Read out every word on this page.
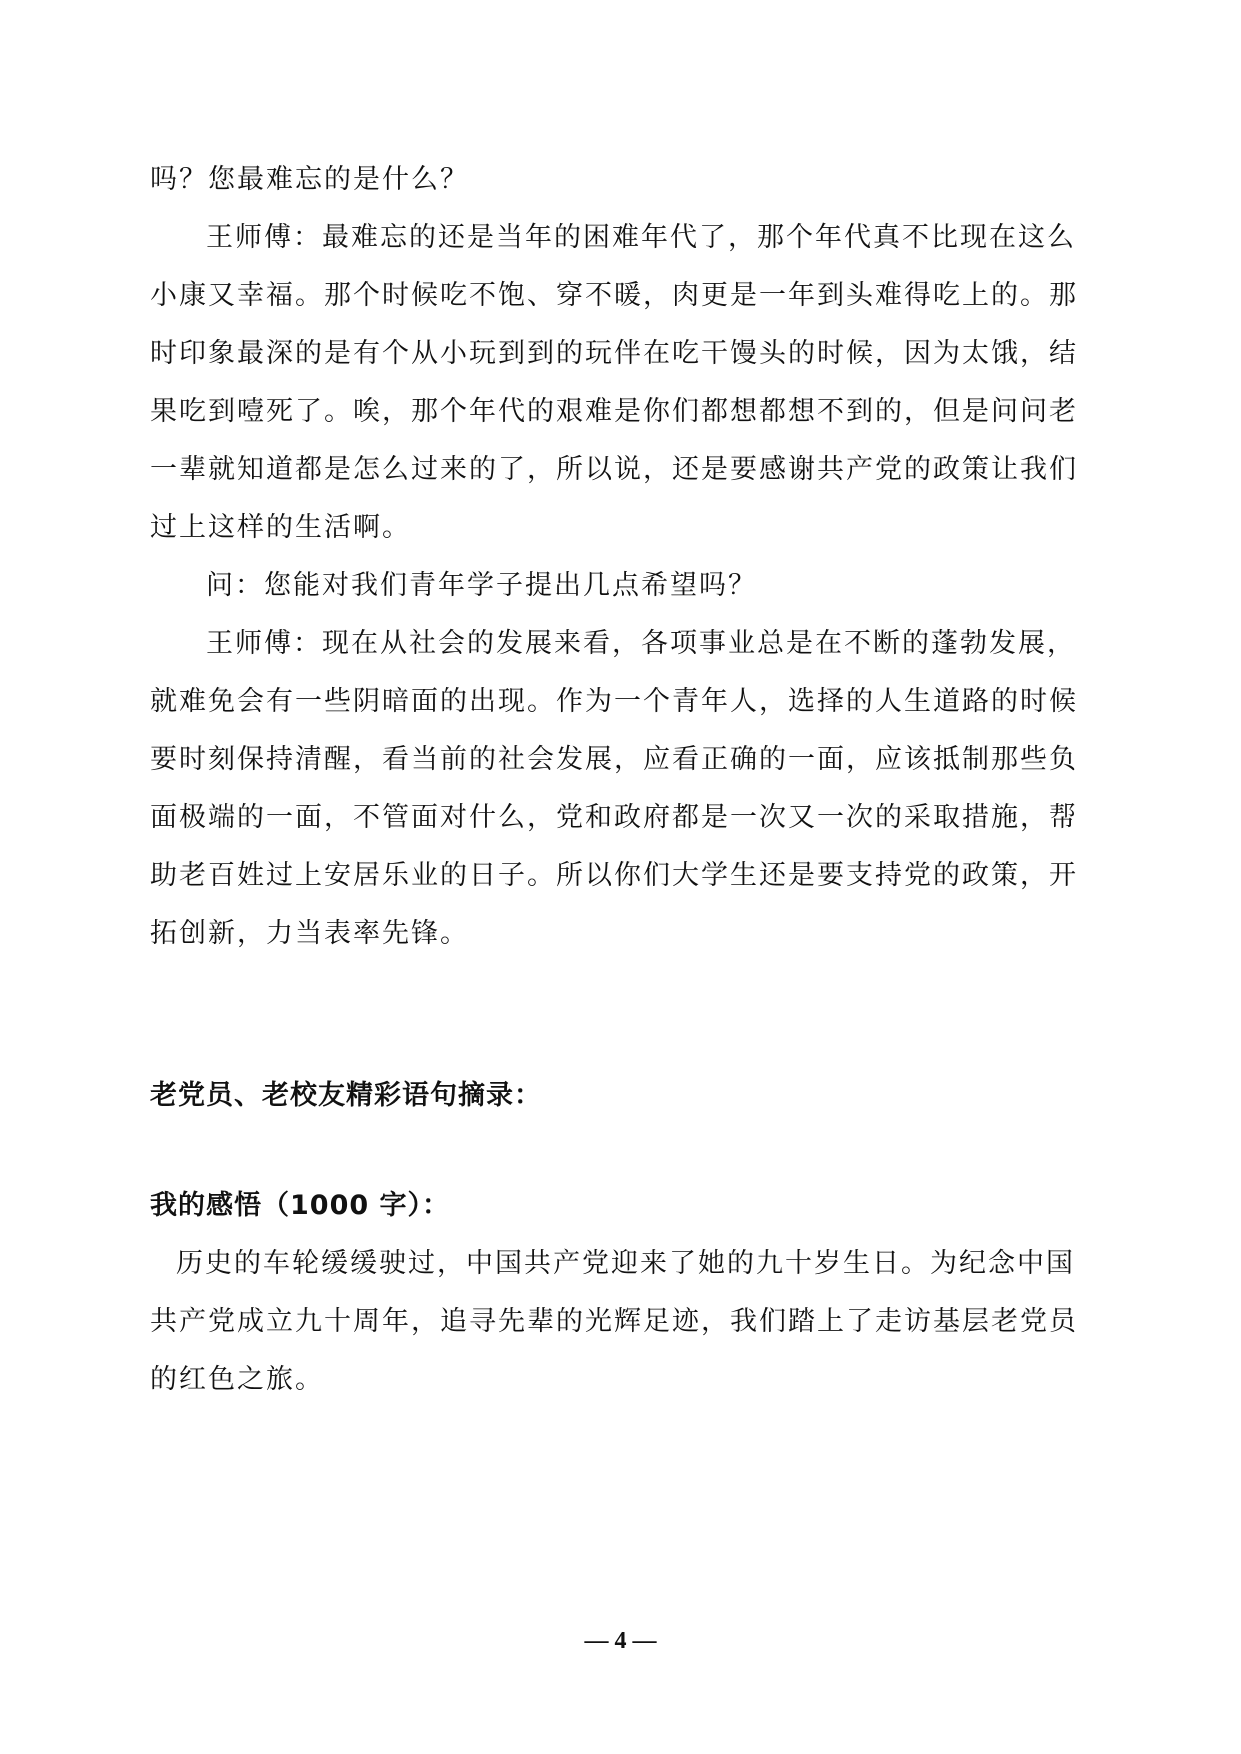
吗？您最难忘的是什么？
王师傅：最难忘的还是当年的困难年代了，那个年代真不比现在这么
小康又幸福。那个时候吃不饱、穿不暖，肉更是一年到头难得吃上的。那
时印象最深的是有个从小玩到到的玩伴在吃干馒头的时候，因为太饿，结
果吃到噎死了。唉，那个年代的艰难是你们都想都想不到的，但是问问老
一辈就知道都是怎么过来的了，所以说，还是要感谢共产党的政策让我们
过上这样的生活啊。
问：您能对我们青年学子提出几点希望吗？
王师傅：现在从社会的发展来看，各项事业总是在不断的蓬勃发展，
就难免会有一些阴暗面的出现。作为一个青年人，选择的人生道路的时候
要时刻保持清醒，看当前的社会发展，应看正确的一面，应该抵制那些负
面极端的一面，不管面对什么，党和政府都是一次又一次的采取措施，帮
助老百姓过上安居乐业的日子。所以你们大学生还是要支持党的政策，开
拓创新，力当表率先锋。
老党员、老校友精彩语句摘录：
我的感悟（1000 字）：
历史的车轮缓缓驶过，中国共产党迎来了她的九十岁生日。为纪念中国
共产党成立九十周年，追寻先辈的光辉足迹，我们踏上了走访基层老党员
的红色之旅。
— 4 —
